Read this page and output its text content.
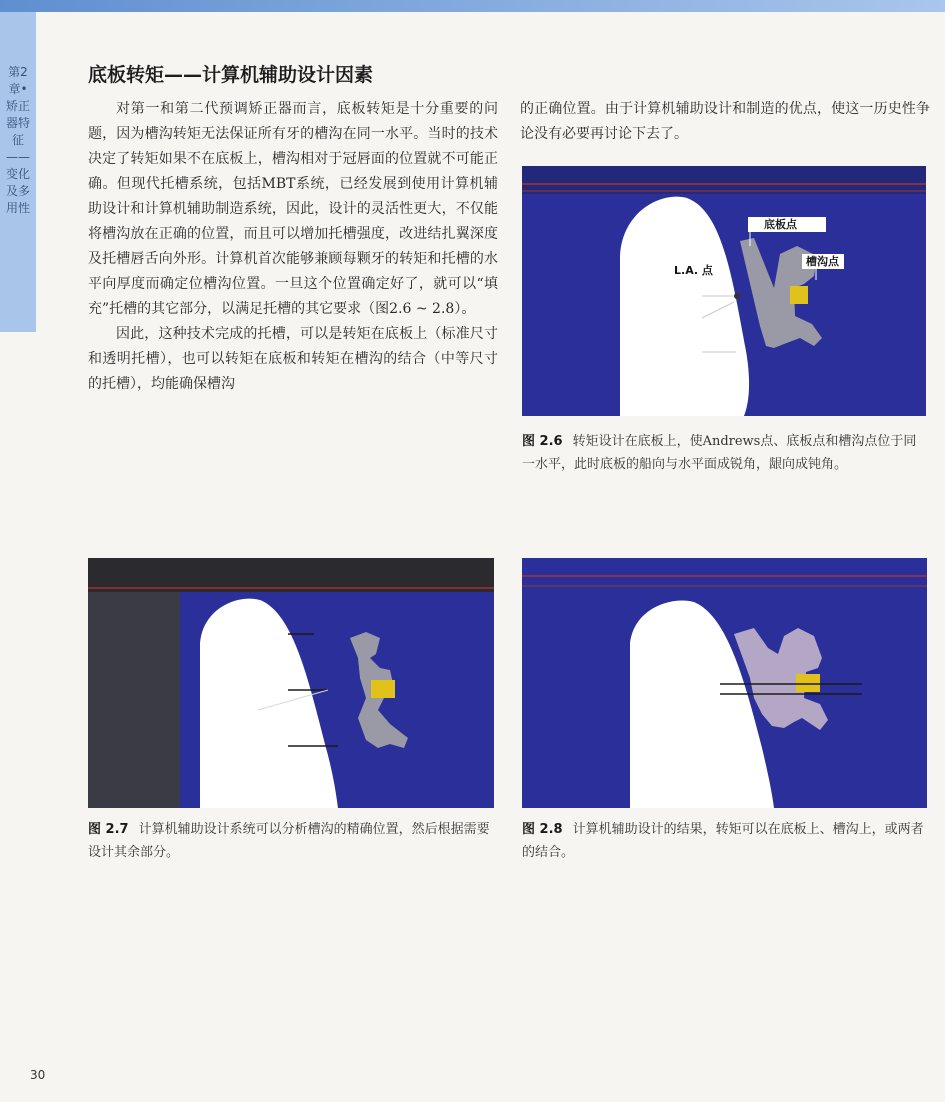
第2章•矫正器特征——变化及多用性
底板转矩——计算机辅助设计因素

对第一和第二代预调矫正器而言，底板转矩是十分重要的问题，因为槽沟转矩无法保证所有牙的槽沟在同一水平。当时的技术决定了转矩如果不在底板上，槽沟相对于冠唇面的位置就不可能正确。但现代托槽系统，包括MBT系统，已经发展到使用计算机辅助设计和计算机辅助制造系统，因此，设计的灵活性更大，不仅能将槽沟放在正确的位置，而且可以增加托槽强度，改进结扎翼深度及托槽唇舌向外形。计算机首次能够兼顾每颗牙的转矩和托槽的水平向厚度而确定位槽沟位置。一旦这个位置确定好了，就可以“填充”托槽的其它部分，以满足托槽的其它要求（图2.6 ~ 2.8）。

因此，这种技术完成的托槽，可以是转矩在底板上（标准尺寸和透明托槽），也可以转矩在底板和转矩在槽沟的结合（中等尺寸的托槽），均能确保槽沟

的正确位置。由于计算机辅助设计和制造的优点，使这一历史性争论没有必要再讨论下去了。

底板点
槽沟点
L.A. 点
图 2.6 转矩设计在底板上，使Andrews点、底板点和槽沟点位于同一水平，此时底板的船向与水平面成锐角，龈向成钝角。
图 2.7 计算机辅助设计系统可以分析槽沟的精确位置，然后根据需要设计其余部分。
图 2.8 计算机辅助设计的结果，转矩可以在底板上、槽沟上，或两者的结合。
30
